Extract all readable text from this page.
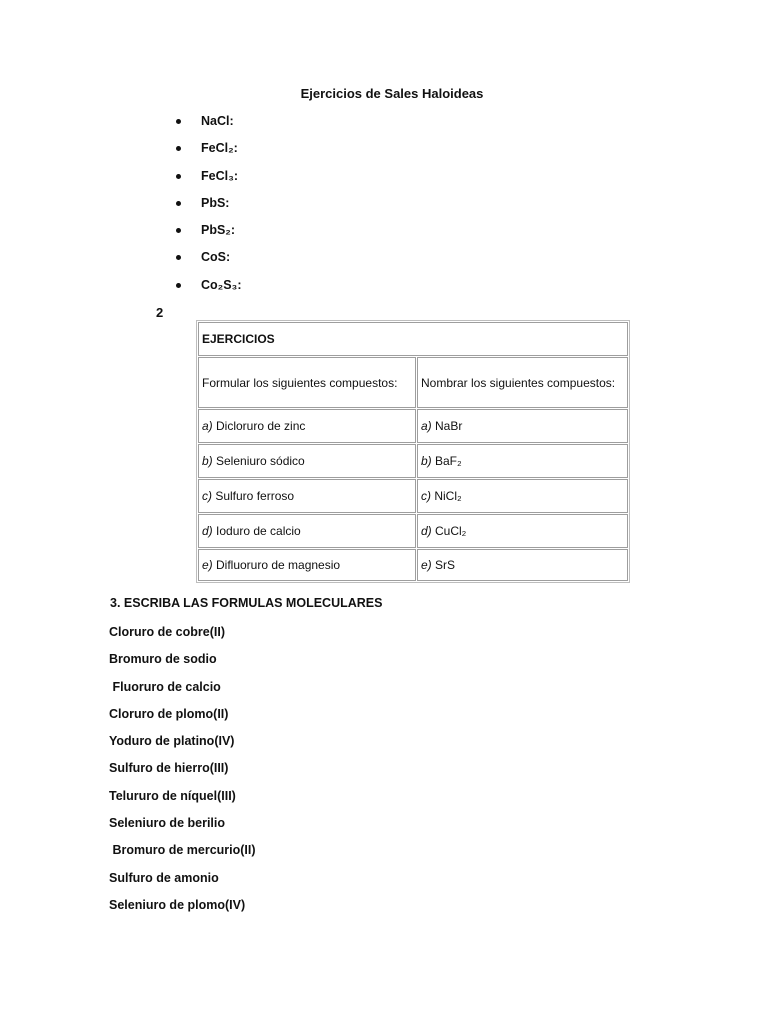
Ejercicios de Sales Haloideas
NaCl:
FeCl₂:
FeCl₃:
PbS:
PbS₂:
CoS:
Co₂S₃:
2
EJERCICIOS	
Formular los siguientes compuestos:	Nombrar los siguientes compuestos:
a) Dicloruro de zinc	a) NaBr
b) Seleniuro sódico	b) BaF₂
c) Sulfuro ferroso	c) NiCl₂
d) Ioduro de calcio	d) CuCl₂
e) Difluoruro de magnesio	e) SrS
3. ESCRIBA LAS FORMULAS MOLECULARES
Cloruro de cobre(II)
Bromuro de sodio
Fluoruro de calcio
Cloruro de plomo(II)
Yoduro de platino(IV)
Sulfuro de hierro(III)
Telururo de níquel(III)
Seleniuro de berilio
Bromuro de mercurio(II)
Sulfuro de amonio
Seleniuro de plomo(IV)
